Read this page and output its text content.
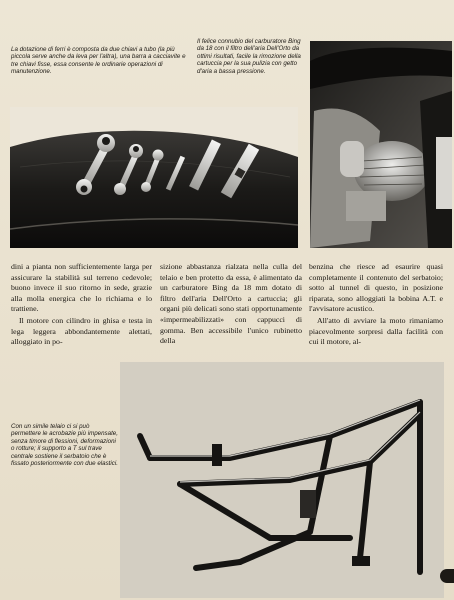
La dotazione di ferri è composta da due chiavi a tubo (la più piccola serve anche da leva per l'altra), una barra a cacciavite e tre chiavi fisse, essa consente le ordinarie operazioni di manutenzione.
Il felice connubio del carburatore Bing da 18 con il filtro dell'aria Dell'Orto da ottimi risultati, facile la rimozione della cartuccia per la sua pulizia con getto d'aria a bassa pressione.

dini a pianta non sufficientemente larga per assicurare la stabilità sul terreno cedevole; buono invece il suo ritorno in sede, grazie alla molla energica che lo richiama e lo trattiene.

Il motore con cilindro in ghisa e testa in lega leggera abbondantemente alettati, alloggiato in po-

sizione abbastanza rialzata nella culla del telaio e ben protetto da essa, è alimentato da un carburatore Bing da 18 mm dotato di filtro dell'aria Dell'Orto a cartuccia; gli organi più delicati sono stati opportunamente «impermeabilizzati» con cappucci di gomma. Ben accessibile l'unico rubinetto della

benzina che riesce ad esaurire quasi completamente il contenuto del serbatoio; sotto al tunnel di questo, in posizione riparata, sono alloggiati la bobina A.T. e l'avvisatore acustico.

All'atto di avviare la moto rimaniamo piacevolmente sorpresi dalla facilità con cui il motore, al-

Con un simile telaio ci si può permettere le acrobazie più impensate, senza timore di flessioni, deformazioni o rotture; il supporto a T sul trave centrale sostiene il serbatoio che è fissato posteriormente con due elastici.
